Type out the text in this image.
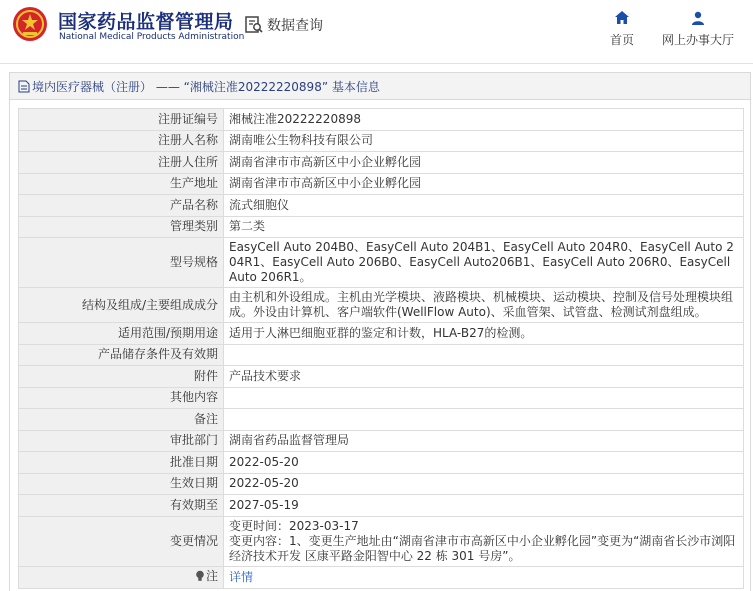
国家药品监督管理局
National Medical Products Administration
数据查询
首页	网上办事大厅
境内医疗器械（注册） —— “湘械注准20222220898” 基本信息
注册证编号	湘械注准20222220898
注册人名称	湖南唯公生物科技有限公司
注册人住所	湖南省津市市高新区中小企业孵化园
生产地址	湖南省津市市高新区中小企业孵化园
产品名称	流式细胞仪
管理类别	第二类
型号规格	EasyCell Auto 204B0、EasyCell Auto 204B1、EasyCell Auto 204R0、EasyCell Auto 204R1、EasyCell Auto 206B0、EasyCell Auto206B1、EasyCell Auto 206R0、EasyCell Auto 206R1。
结构及组成/主要组成成分	由主机和外设组成。主机由光学模块、液路模块、机械模块、运动模块、控制及信号处理模块组成。外设由计算机、客户端软件(WellFlow Auto)、采血管架、试管盘、检测试剂盘组成。
适用范围/预期用途	适用于人淋巴细胞亚群的鉴定和计数，HLA-B27的检测。
产品储存条件及有效期	
附件	产品技术要求
其他内容	
备注	
审批部门	湖南省药品监督管理局
批准日期	2022-05-20
生效日期	2022-05-20
有效期至	2027-05-19
变更情况	变更时间：2023-03-17
变更内容：1、变更生产地址由“湖南省津市市高新区中小企业孵化园”变更为“湖南省长沙市浏阳经济技术开发 区康平路金阳智中心 22 栋 301 号房”。

注	详情
